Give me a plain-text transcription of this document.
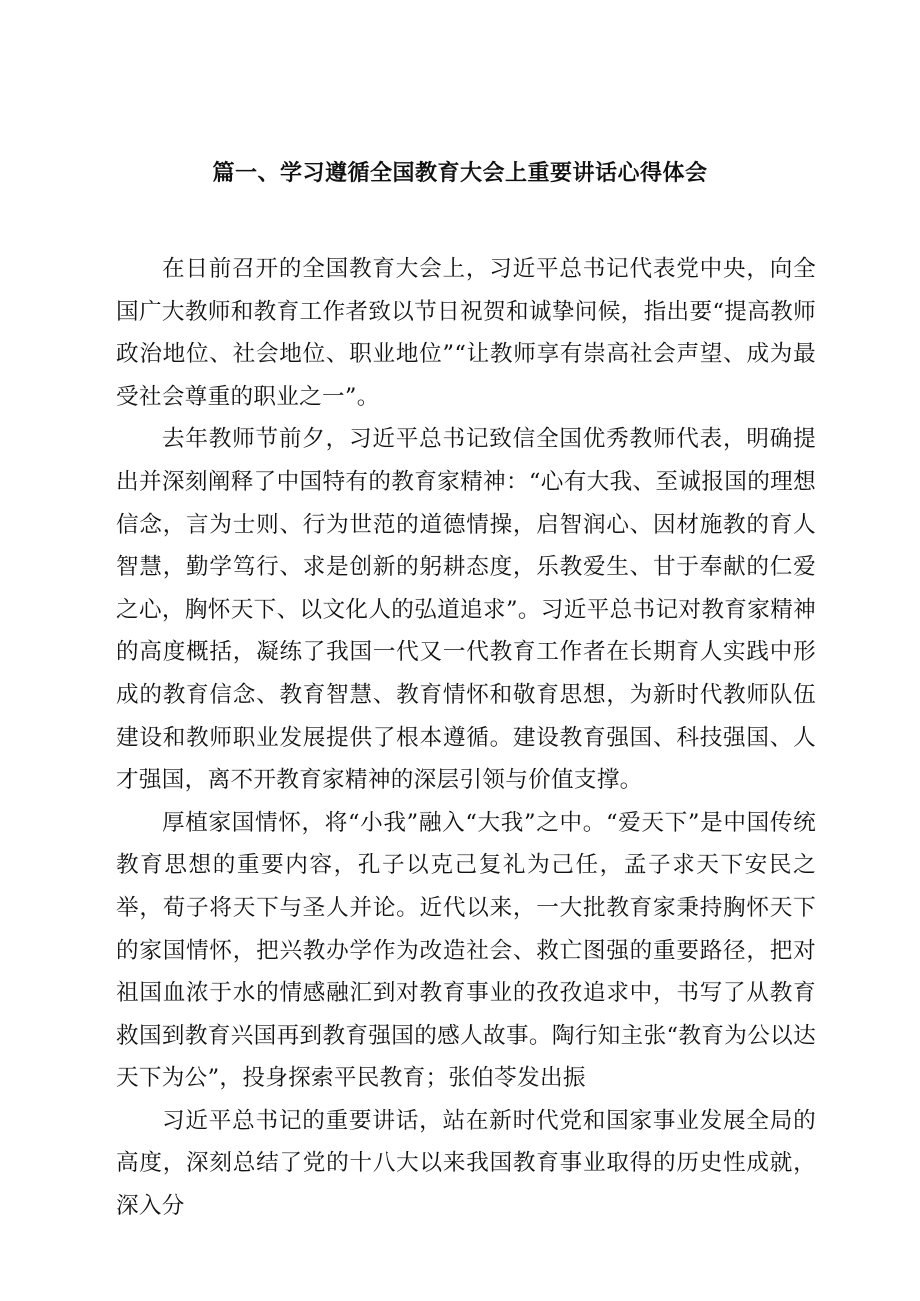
篇一、学习遵循全国教育大会上重要讲话心得体会

在日前召开的全国教育大会上，习近平总书记代表党中央，向全国广大教师和教育工作者致以节日祝贺和诚挚问候，指出要“提高教师政治地位、社会地位、职业地位”“让教师享有崇高社会声望、成为最受社会尊重的职业之一”。

去年教师节前夕，习近平总书记致信全国优秀教师代表，明确提出并深刻阐释了中国特有的教育家精神：“心有大我、至诚报国的理想信念，言为士则、行为世范的道德情操，启智润心、因材施教的育人智慧，勤学笃行、求是创新的躬耕态度，乐教爱生、甘于奉献的仁爱之心，胸怀天下、以文化人的弘道追求”。习近平总书记对教育家精神的高度概括，凝练了我国一代又一代教育工作者在长期育人实践中形成的教育信念、教育智慧、教育情怀和敬育思想，为新时代教师队伍建设和教师职业发展提供了根本遵循。建设教育强国、科技强国、人才强国，离不开教育家精神的深层引领与价值支撑。

厚植家国情怀，将“小我”融入“大我”之中。“爱天下”是中国传统教育思想的重要内容，孔子以克己复礼为己任，孟子求天下安民之举，荀子将天下与圣人并论。近代以来，一大批教育家秉持胸怀天下的家国情怀，把兴教办学作为改造社会、救亡图强的重要路径，把对祖国血浓于水的情感融汇到对教育事业的孜孜追求中，书写了从教育救国到教育兴国再到教育强国的感人故事。陶行知主张“教育为公以达天下为公”，投身探索平民教育；张伯苓发出振

习近平总书记的重要讲话，站在新时代党和国家事业发展全局的高度，深刻总结了党的十八大以来我国教育事业取得的历史性成就，深入分
